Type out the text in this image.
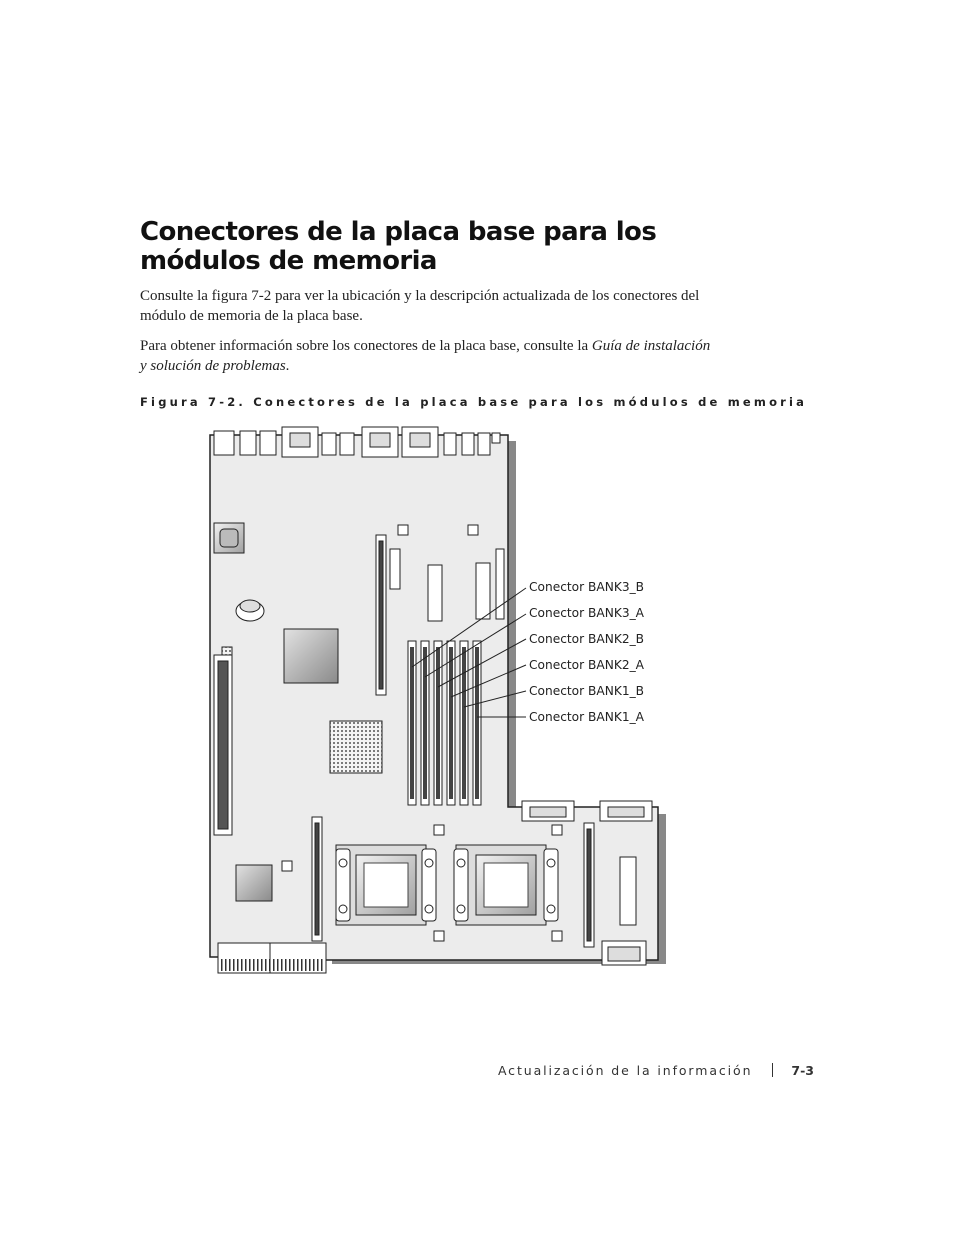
Conectores de la placa base para los módulos de memoria

Consulte la figura 7-2 para ver la ubicación y la descripción actualizada de los conectores del módulo de memoria de la placa base.

Para obtener información sobre los conectores de la placa base, consulte la Guía de instalación y solución de problemas.

Figura 7-2. Conectores de la placa base para los módulos de memoria

Conector BANK3_B
Conector BANK3_A
Conector BANK2_B
Conector BANK2_A
Conector BANK1_B
Conector BANK1_A
Actualización de la información	7-3
